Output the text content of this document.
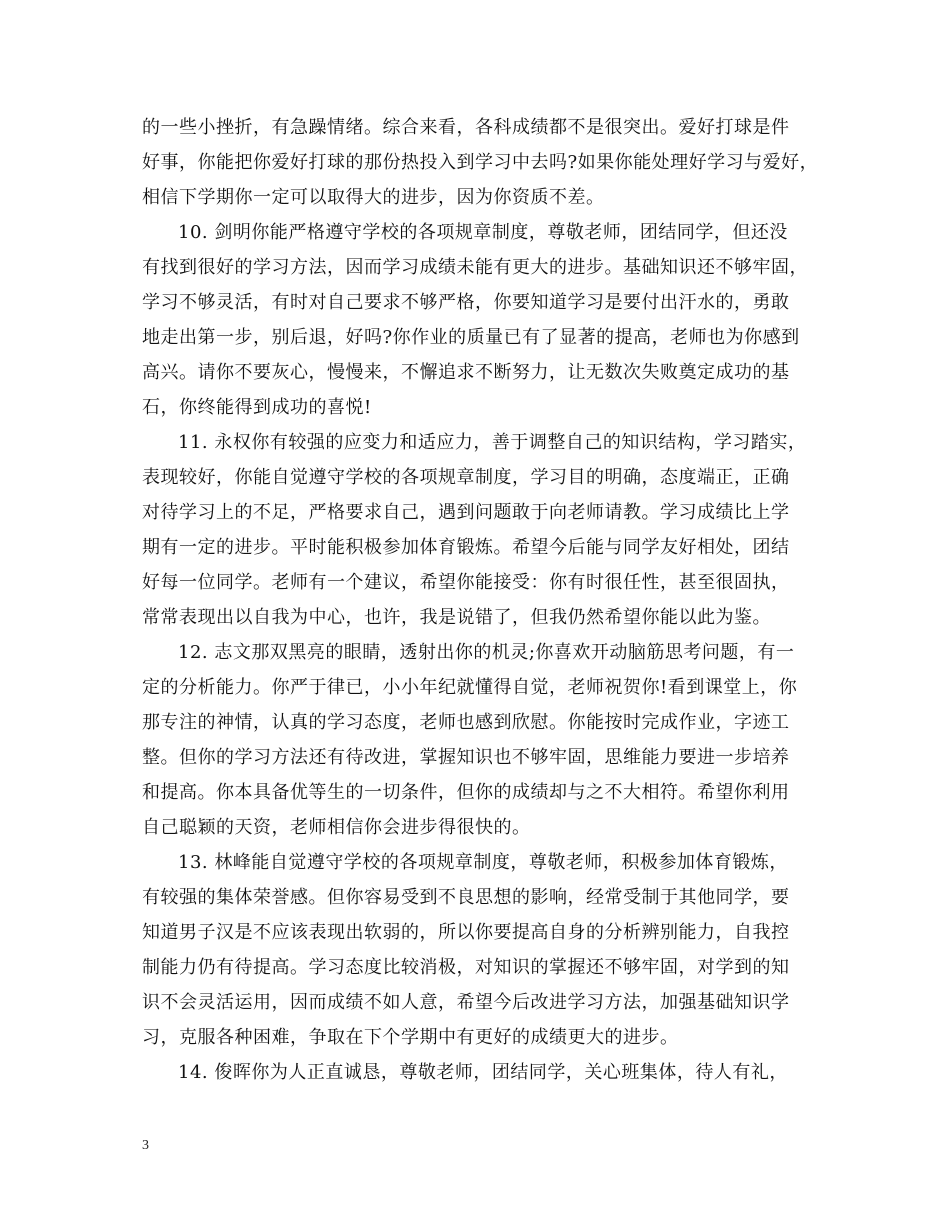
的一些小挫折，有急躁情绪。综合来看，各科成绩都不是很突出。爱好打球是件
好事，你能把你爱好打球的那份热投入到学习中去吗?如果你能处理好学习与爱好，
相信下学期你一定可以取得大的进步，因为你资质不差。
10. 剑明你能严格遵守学校的各项规章制度，尊敬老师，团结同学，但还没
有找到很好的学习方法，因而学习成绩未能有更大的进步。基础知识还不够牢固，
学习不够灵活，有时对自己要求不够严格，你要知道学习是要付出汗水的，勇敢
地走出第一步，别后退，好吗?你作业的质量已有了显著的提高，老师也为你感到
高兴。请你不要灰心，慢慢来，不懈追求不断努力，让无数次失败奠定成功的基
石，你终能得到成功的喜悦!
11. 永权你有较强的应变力和适应力，善于调整自己的知识结构，学习踏实，
表现较好，你能自觉遵守学校的各项规章制度，学习目的明确，态度端正，正确
对待学习上的不足，严格要求自己，遇到问题敢于向老师请教。学习成绩比上学
期有一定的进步。平时能积极参加体育锻炼。希望今后能与同学友好相处，团结
好每一位同学。老师有一个建议，希望你能接受：你有时很任性，甚至很固执，
常常表现出以自我为中心，也许，我是说错了，但我仍然希望你能以此为鉴。
12. 志文那双黑亮的眼睛，透射出你的机灵;你喜欢开动脑筋思考问题，有一
定的分析能力。你严于律已，小小年纪就懂得自觉，老师祝贺你!看到课堂上，你
那专注的神情，认真的学习态度，老师也感到欣慰。你能按时完成作业，字迹工
整。但你的学习方法还有待改进，掌握知识也不够牢固，思维能力要进一步培养
和提高。你本具备优等生的一切条件，但你的成绩却与之不大相符。希望你利用
自己聪颖的天资，老师相信你会进步得很快的。
13. 林峰能自觉遵守学校的各项规章制度，尊敬老师，积极参加体育锻炼，
有较强的集体荣誉感。但你容易受到不良思想的影响，经常受制于其他同学，要
知道男子汉是不应该表现出软弱的，所以你要提高自身的分析辨别能力，自我控
制能力仍有待提高。学习态度比较消极，对知识的掌握还不够牢固，对学到的知
识不会灵活运用，因而成绩不如人意，希望今后改进学习方法，加强基础知识学
习，克服各种困难，争取在下个学期中有更好的成绩更大的进步。
14. 俊晖你为人正直诚恳，尊敬老师，团结同学，关心班集体，待人有礼，
3
